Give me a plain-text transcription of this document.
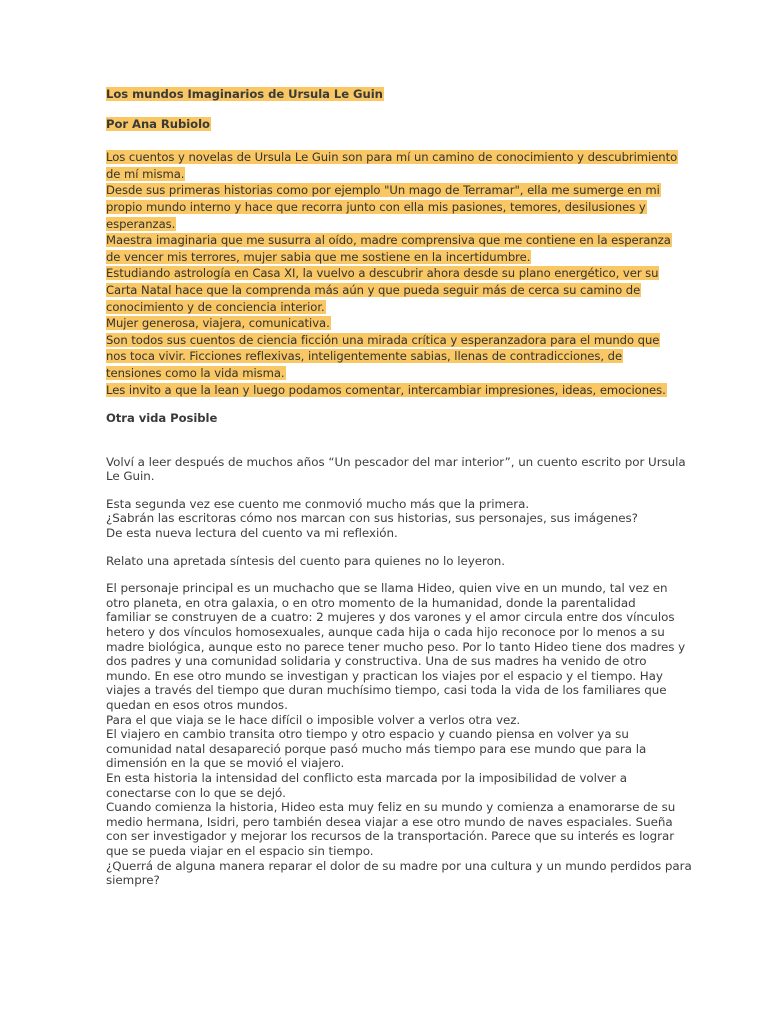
Los mundos Imaginarios de Ursula Le Guin
Por Ana Rubiolo
Los cuentos y novelas de Ursula Le Guin son para mí un camino de conocimiento y descubrimiento
de mí misma.
Desde sus primeras historias como por ejemplo "Un mago de Terramar", ella me sumerge en mi
propio mundo interno y hace que recorra junto con ella mis pasiones, temores, desilusiones y
esperanzas.
Maestra imaginaria que me susurra al oído, madre comprensiva que me contiene en la esperanza
de vencer mis terrores, mujer sabia que me sostiene en la incertidumbre.
Estudiando astrología en Casa XI, la vuelvo a descubrir ahora desde su plano energético, ver su
Carta Natal hace que la comprenda más aún y que pueda seguir más de cerca su camino de
conocimiento y de conciencia interior.
Mujer generosa, viajera, comunicativa.
Son todos sus cuentos de ciencia ficción una mirada crítica y esperanzadora para el mundo que
nos toca vivir. Ficciones reflexivas, inteligentemente sabias, llenas de contradicciones, de
tensiones como la vida misma.
Les invito a que la lean y luego podamos comentar, intercambiar impresiones, ideas, emociones.
Otra vida Posible
Volví a leer después de muchos años “Un pescador del mar interior”, un cuento escrito por Ursula
Le Guin.
Esta segunda vez ese cuento me conmovió mucho más que la primera.
¿Sabrán las escritoras cómo nos marcan con sus historias, sus personajes, sus imágenes?
De esta nueva lectura del cuento va mi reflexión.
Relato una apretada síntesis del cuento para quienes no lo leyeron.
El personaje principal es un muchacho que se llama Hideo, quien vive en un mundo, tal vez en
otro planeta, en otra galaxia, o en otro momento de la humanidad, donde la parentalidad
familiar se construyen de a cuatro: 2 mujeres y dos varones y el amor circula entre dos vínculos
hetero y dos vínculos homosexuales, aunque cada hija o cada hijo reconoce por lo menos a su
madre biológica, aunque esto no parece tener mucho peso. Por lo tanto Hideo tiene dos madres y
dos padres y una comunidad solidaria y constructiva. Una de sus madres ha venido de otro
mundo. En ese otro mundo se investigan y practican los viajes por el espacio y el tiempo. Hay
viajes a través del tiempo que duran muchísimo tiempo, casi toda la vida de los familiares que
quedan en esos otros mundos.
Para el que viaja se le hace difícil o imposible volver a verlos otra vez.
El viajero en cambio transita otro tiempo y otro espacio y cuando piensa en volver ya su
comunidad natal desapareció porque pasó mucho más tiempo para ese mundo que para la
dimensión en la que se movió el viajero.
En esta historia la intensidad del conflicto esta marcada por la imposibilidad de volver a
conectarse con lo que se dejó.
Cuando comienza la historia, Hideo esta muy feliz en su mundo y comienza a enamorarse de su
medio hermana, Isidri, pero también desea viajar a ese otro mundo de naves espaciales. Sueña
con ser investigador y mejorar los recursos de la transportación. Parece que su interés es lograr
que se pueda viajar en el espacio sin tiempo.
¿Querrá de alguna manera reparar el dolor de su madre por una cultura y un mundo perdidos para
siempre?
